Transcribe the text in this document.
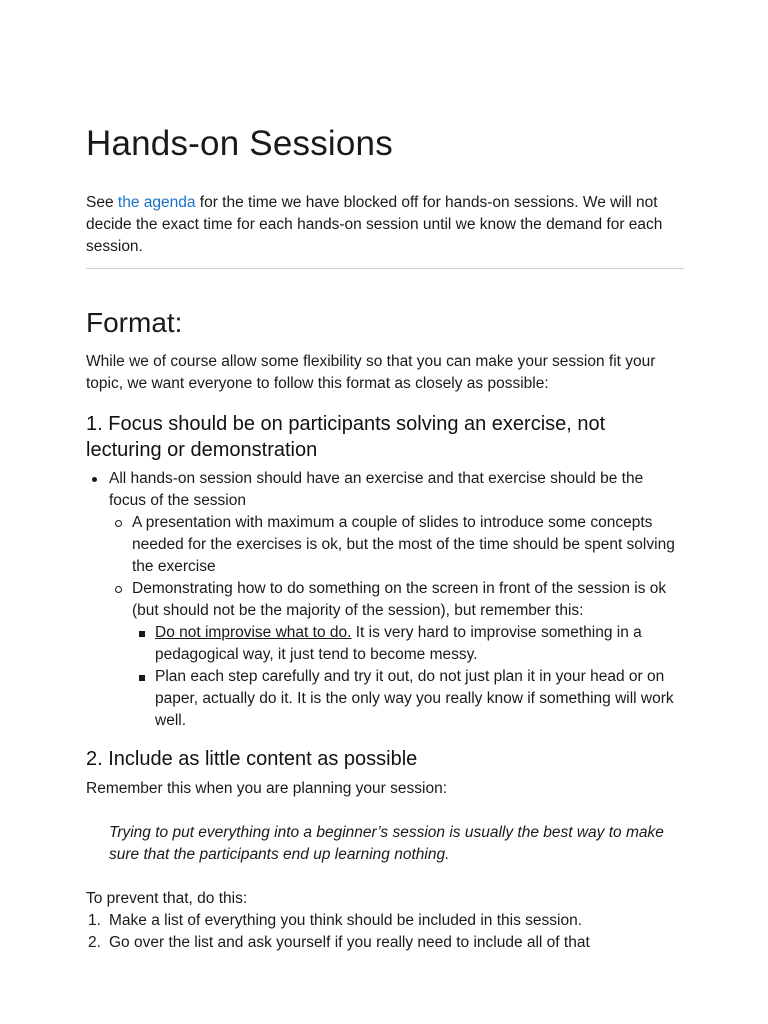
Hands-on Sessions

See the agenda for the time we have blocked off for hands-on sessions. We will not decide the exact time for each hands-on session until we know the demand for each session.

Format:

While we of course allow some flexibility so that you can make your session fit your topic, we want everyone to follow this format as closely as possible:

1. Focus should be on participants solving an exercise, not lecturing or demonstration

All hands-on session should have an exercise and that exercise should be the focus of the session

A presentation with maximum a couple of slides to introduce some concepts needed for the exercises is ok, but the most of the time should be spent solving the exercise

Demonstrating how to do something on the screen in front of the session is ok (but should not be the majority of the session), but remember this:

Do not improvise what to do. It is very hard to improvise something in a pedagogical way, it just tend to become messy.

Plan each step carefully and try it out, do not just plan it in your head or on paper, actually do it. It is the only way you really know if something will work well.

2. Include as little content as possible

Remember this when you are planning your session:

Trying to put everything into a beginner’s session is usually the best way to make sure that the participants end up learning nothing.

To prevent that, do this:

1. Make a list of everything you think should be included in this session.

2. Go over the list and ask yourself if you really need to include all of that
